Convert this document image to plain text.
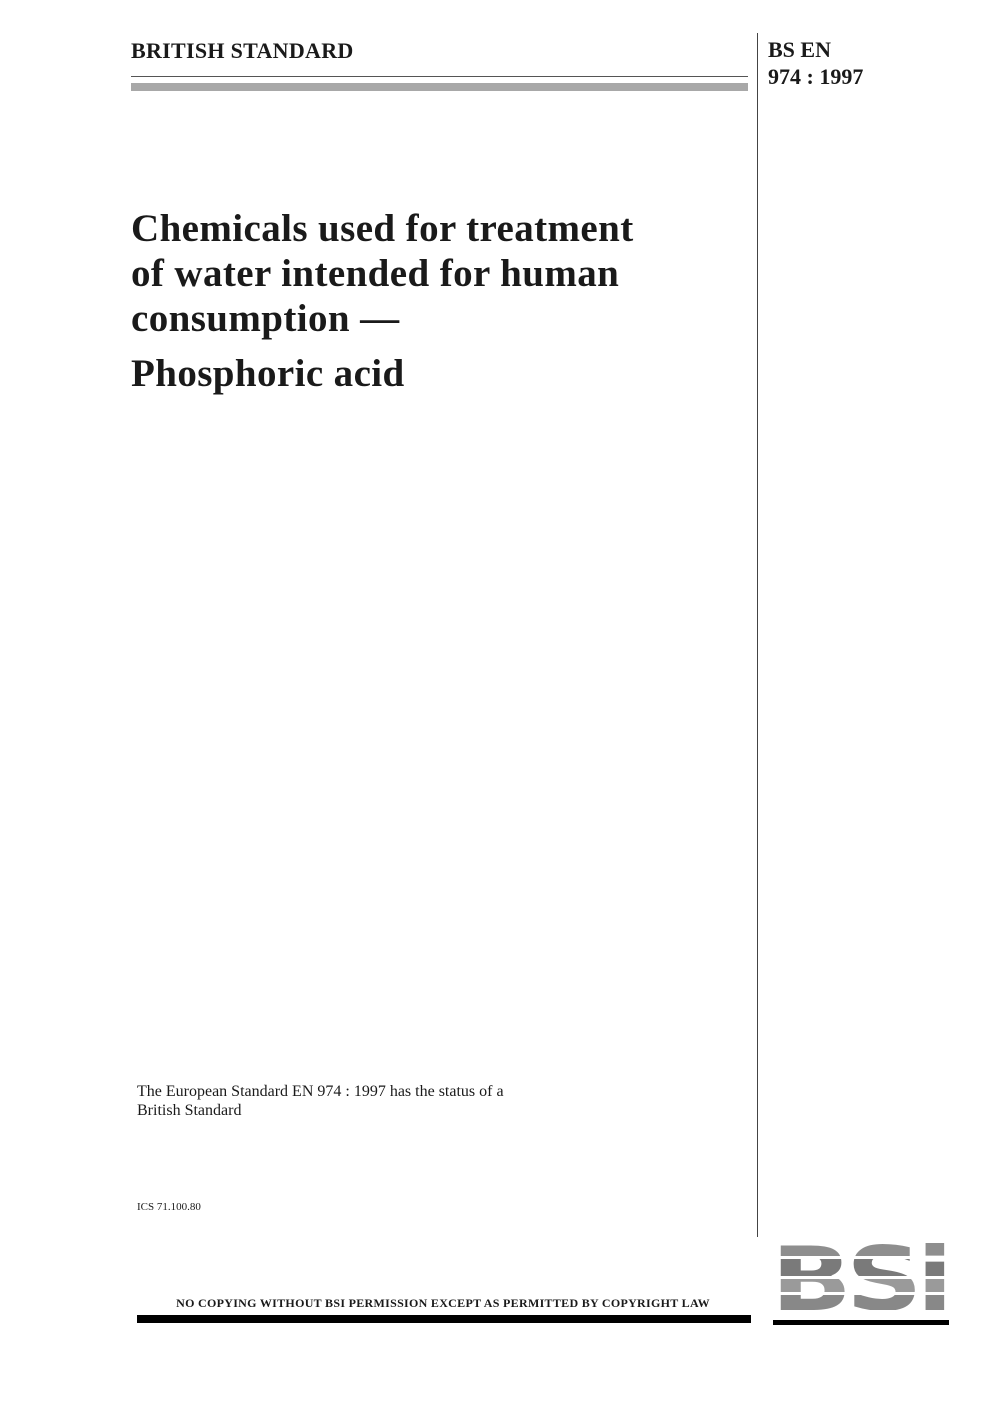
BRITISH STANDARD	BS EN
974 : 1997
Chemicals used for treatment
of water intended for human
consumption —
Phosphoric acid
The European Standard EN 974 : 1997 has the status of a
British Standard
ICS 71.100.80
NO COPYING WITHOUT BSI PERMISSION EXCEPT AS PERMITTED BY COPYRIGHT LAW
